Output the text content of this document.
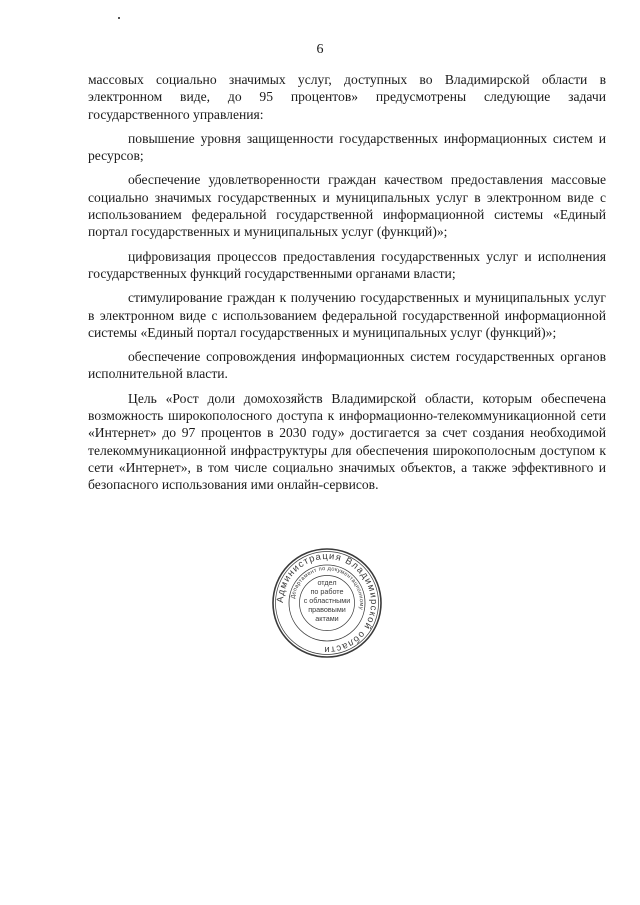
6

массовых социально значимых услуг, доступных во Владимирской области в электронном виде, до 95 процентов» предусмотрены следующие задачи государственного управления:

повышение уровня защищенности государственных информационных систем и ресурсов;

обеспечение удовлетворенности граждан качеством предоставления массовые социально значимых государственных и муниципальных услуг в электронном виде с использованием федеральной государственной информационной системы «Единый портал государственных и муниципальных услуг (функций)»;

цифровизация процессов предоставления государственных услуг и исполнения государственных функций государственными органами власти;

стимулирование граждан к получению государственных и муниципальных услуг в электронном виде с использованием федеральной государственной информационной системы «Единый портал государственных и муниципальных услуг (функций)»;

обеспечение сопровождения информационных систем государственных органов исполнительной власти.

Цель «Рост доли домохозяйств Владимирской области, которым обеспечена возможность широкополосного доступа к информационно-телекоммуникационной сети «Интернет» до 97 процентов в 2030 году» достигается за счет создания необходимой телекоммуникационной инфраструктуры для обеспечения широкополосным доступом к сети «Интернет», в том числе социально значимых объектов, а также эффективного и безопасного использования ими онлайн-сервисов.

Администрация Владимирской области
Департамент по документационному
отдел
по работе
с областными
правовыми
актами
